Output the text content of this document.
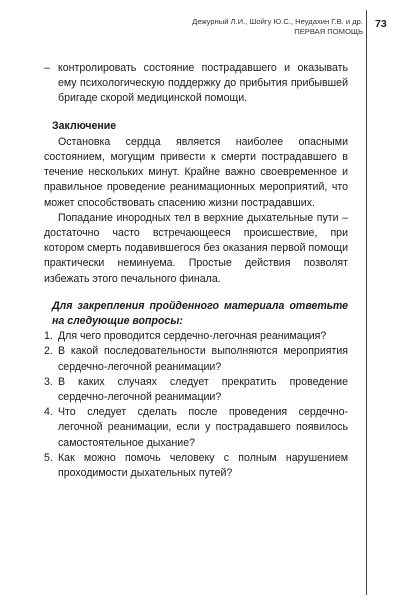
Дежурный Л.И., Шойгу Ю.С., Неудахин Г.В. и др.
ПЕРВАЯ ПОМОЩЬ
73
– контролировать состояние пострадавшего и оказывать ему психологическую поддержку до прибытия прибывшей бригаде скорой медицинской помощи.
Заключение

Остановка сердца является наиболее опасными состоянием, могущим привести к смерти пострадавшего в течение нескольких минут. Крайне важно своевременное и правильное проведение реанимационных мероприятий, что может способствовать спасению жизни пострадавших.

Попадание инородных тел в верхние дыхательные пути – достаточно часто встречающееся происшествие, при котором смерть подавившегося без оказания первой помощи практически неминуема. Простые действия позволят избежать этого печального финала.

Для закрепления пройденного материала ответьте на следующие вопросы:
1. Для чего проводится сердечно-легочная реанимация?
2. В какой последовательности выполняются мероприятия сердечно-легочной реанимации?
3. В каких случаях следует прекратить проведение сердечно-легочной реанимации?
4. Что следует сделать после проведения сердечно-легочной реанимации, если у пострадавшего появилось самостоятельное дыхание?
5. Как можно помочь человеку с полным нарушением проходимости дыхательных путей?
